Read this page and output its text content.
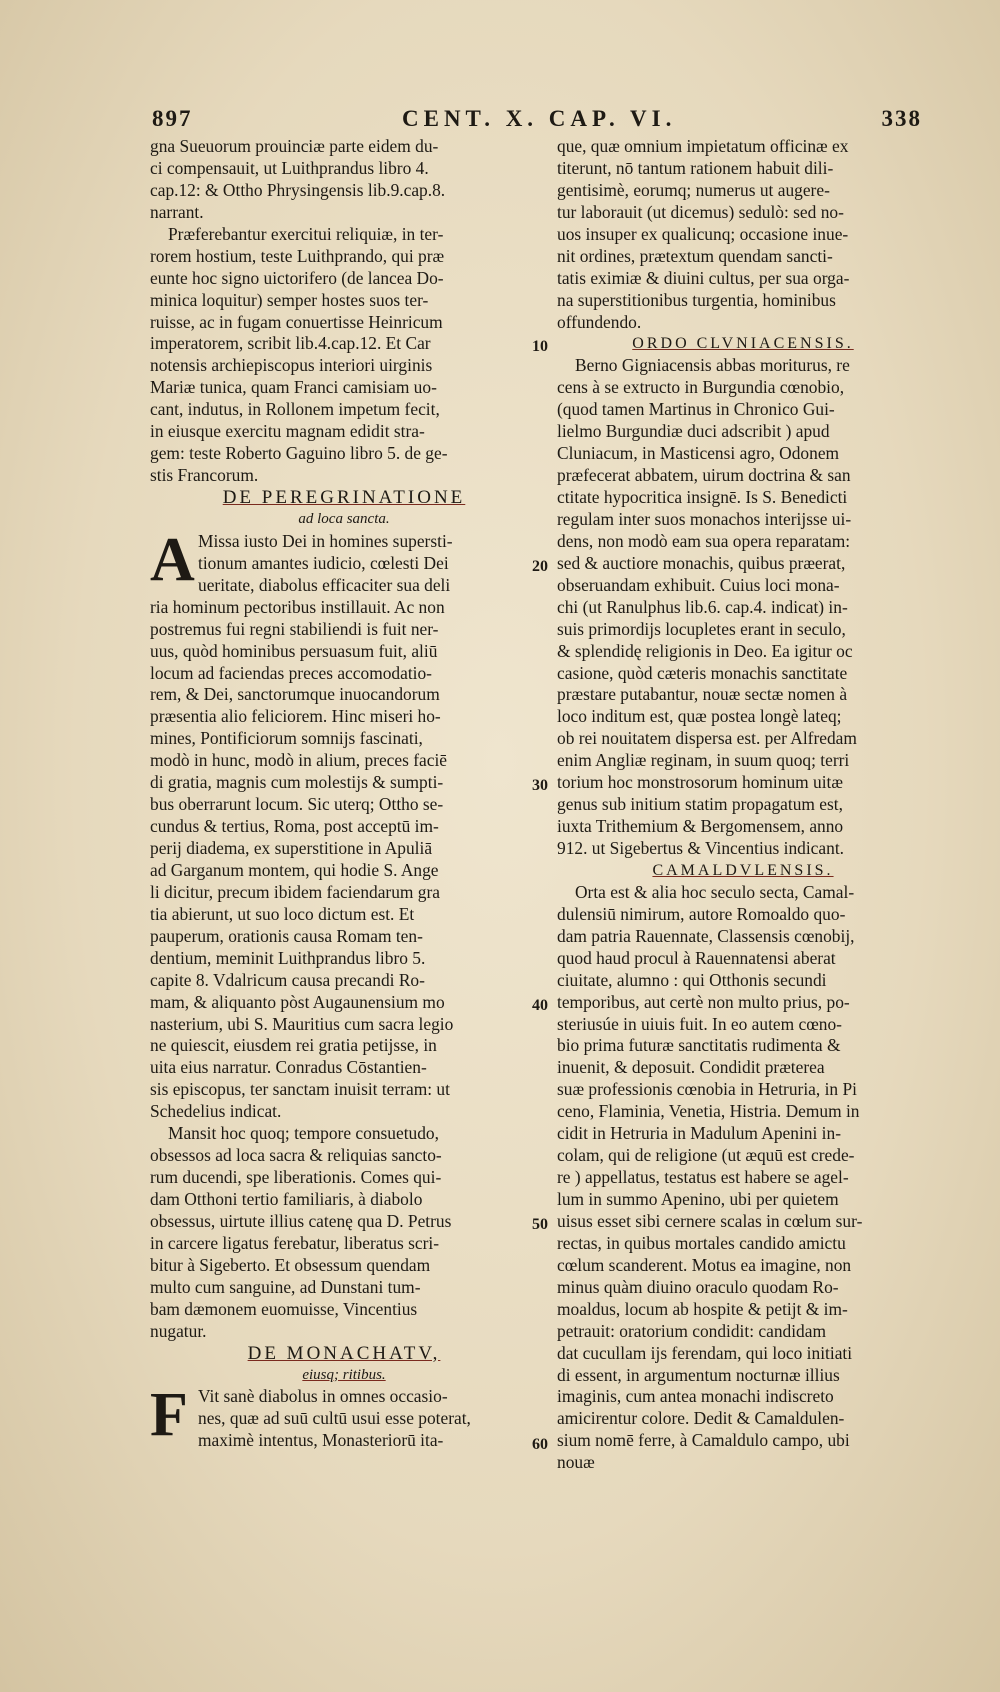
897	CENT. X. CAP. VI.	338
gna Sueuorum prouinciæ parte eidem du-
ci compensauit, ut Luithprandus libro 4.
cap.12: & Ottho Phrysingensis lib.9.cap.8.
narrant.
Præferebantur exercitui reliquiæ, in ter-
rorem hostium, teste Luithprando, qui præ
eunte hoc signo uictorifero (de lancea Do-
minica loquitur) semper hostes suos ter-
ruisse, ac in fugam conuertisse Heinricum
imperatorem, scribit lib.4.cap.12. Et Car
notensis archiepiscopus interiori uirginis
Mariæ tunica, quam Franci camisiam uo-
cant, indutus, in Rollonem impetum fecit,
in eiusque exercitu magnam edidit stra-
gem: teste Roberto Gaguino libro 5. de ge-
stis Francorum.
DE PEREGRINATIONE
ad loca sancta.
Missa iusto Dei in homines supersti-
tionum amantes iudicio, cœlesti Dei
ueritate, diabolus efficaciter sua deli
ria hominum pectoribus instillauit. Ac non
postremus fui regni stabiliendi is fuit ner-
uus, quòd hominibus persuasum fuit, aliū
locum ad faciendas preces accomodatio-
rem, & Dei, sanctorumque inuocandorum
præsentia alio feliciorem. Hinc miseri ho-
mines, Pontificiorum somnijs fascinati,
modò in hunc, modò in alium, preces faciē
di gratia, magnis cum molestijs & sumpti-
bus oberrarunt locum. Sic uterq; Ottho se-
cundus & tertius, Roma, post acceptū im-
perij diadema, ex superstitione in Apuliā
ad Garganum montem, qui hodie S. Ange
li dicitur, precum ibidem faciendarum gra
tia abierunt, ut suo loco dictum est. Et
pauperum, orationis causa Romam ten-
dentium, meminit Luithprandus libro 5.
capite 8. Vdalricum causa precandi Ro-
mam, & aliquanto pòst Augaunensium mo
nasterium, ubi S. Mauritius cum sacra legio
ne quiescit, eiusdem rei gratia petijsse, in
uita eius narratur. Conradus Cōstantien-
sis episcopus, ter sanctam inuisit terram: ut
Schedelius indicat.
Mansit hoc quoq; tempore consuetudo,
obsessos ad loca sacra & reliquias sancto-
rum ducendi, spe liberationis. Comes qui-
dam Otthoni tertio familiaris, à diabolo
obsessus, uirtute illius catenę qua D. Petrus
in carcere ligatus ferebatur, liberatus scri-
bitur à Sigeberto. Et obsessum quendam
multo cum sanguine, ad Dunstani tum-
bam dæmonem euomuisse, Vincentius
nugatur.
DE MONACHATV,
eiusq; ritibus.
Vit sanè diabolus in omnes occasio-
nes, quæ ad suū cultū usui esse poterat,
maximè intentus, Monasteriorū ita-
que, quæ omnium impietatum officinæ ex
titerunt, nō tantum rationem habuit dili-
gentisimè, eorumq; numerus ut augere-
tur laborauit (ut dicemus) sedulò: sed no-
uos insuper ex qualicunq; occasione inue-
nit ordines, prætextum quendam sancti-
tatis eximiæ & diuini cultus, per sua orga-
na superstitionibus turgentia, hominibus
offundendo.
ORDO CLVNIACENSIS.
Berno Gigniacensis abbas moriturus, re
cens à se extructo in Burgundia cœnobio,
(quod tamen Martinus in Chronico Gui-
lielmo Burgundiæ duci adscribit ) apud
Cluniacum, in Masticensi agro, Odonem
præfecerat abbatem, uirum doctrina & san
ctitate hypocritica insignē. Is S. Benedicti
regulam inter suos monachos interijsse ui-
dens, non modò eam sua opera reparatam:
sed & auctiore monachis, quibus præerat,
obseruandam exhibuit. Cuius loci mona-
chi (ut Ranulphus lib.6. cap.4. indicat) in-
suis primordijs locupletes erant in seculo,
& splendidę religionis in Deo. Ea igitur oc
casione, quòd cæteris monachis sanctitate
præstare putabantur, nouæ sectæ nomen à
loco inditum est, quæ postea longè lateq;
ob rei nouitatem dispersa est. per Alfredam
enim Angliæ reginam, in suum quoq; terri
torium hoc monstrosorum hominum uitæ
genus sub initium statim propagatum est,
iuxta Trithemium & Bergomensem, anno
912. ut Sigebertus & Vincentius indicant.
CAMALDVLENSIS.
Orta est & alia hoc seculo secta, Camal-
dulensiū nimirum, autore Romoaldo quo-
dam patria Rauennate, Classensis cœnobij,
quod haud procul à Rauennatensi aberat
ciuitate, alumno : qui Otthonis secundi
temporibus, aut certè non multo prius, po-
steriusúe in uiuis fuit. In eo autem cœno-
bio prima futuræ sanctitatis rudimenta &
inuenit, & deposuit. Condidit præterea
suæ professionis cœnobia in Hetruria, in Pi
ceno, Flaminia, Venetia, Histria. Demum in
cidit in Hetruria in Madulum Apenini in-
colam, qui de religione (ut æquū est crede-
re ) appellatus, testatus est habere se agel-
lum in summo Apenino, ubi per quietem
uisus esset sibi cernere scalas in cœlum sur-
rectas, in quibus mortales candido amictu
cœlum scanderent. Motus ea imagine, non
minus quàm diuino oraculo quodam Ro-
moaldus, locum ab hospite & petijt & im-
petrauit: oratorium condidit: candidam
dat cucullam ijs ferendam, qui loco initiati
di essent, in argumentum nocturnæ illius
imaginis, cum antea monachi indiscreto
amicirentur colore. Dedit & Camaldulen-
sium nomē ferre, à Camaldulo campo, ubi
nouæ
A
F
10
20
30
40
50
60
